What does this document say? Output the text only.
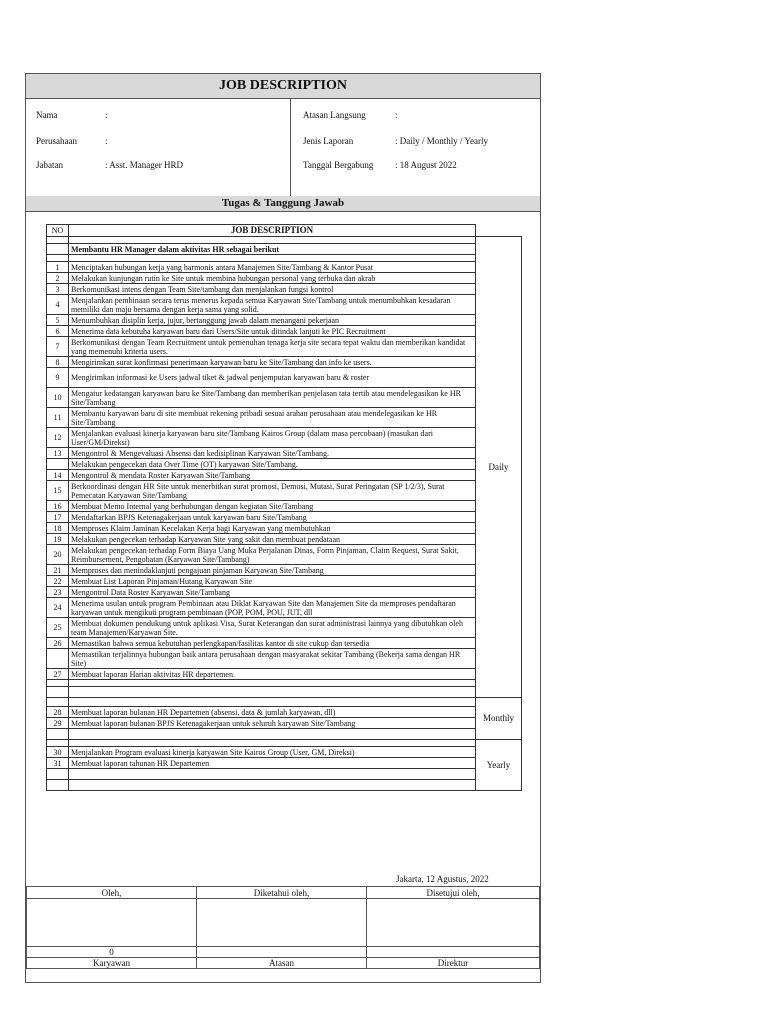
JOB DESCRIPTION
Nama	:
Perusahaan	:
Jabatan	: Asst. Manager HRD
Atasan Langsung	:
Jenis Laporan	: Daily / Monthly / Yearly
Tanggal Bergabung : 18 August 2022
Tugas & Tanggung Jawab
NO	JOB DESCRIPTION	
		Daily
	Membantu HR Manager dalam aktivitas HR sebagai berikut	

1	Menciptakan hubungan kerja yang harmonis antara Manajemen Site/Tambang & Kantor Pusat	
2	Melakukan kunjungan rutin ke Site untuk membina hubungan personal yang terbuka dan akrab	
3	Berkomunikasi intens dengan Team Site/tambang dan menjalankan fungsi kontrol	
4	Menjalankan pembinaan secara terus menerus kepada semua Karyawan Site/Tambang untuk menumbuhkan kesadaran memiliki dan maju bersama dengan kerja sama yang solid.	
5	Menumbuhkan disiplin kerja, jujur, bertanggung jawab dalam menangani pekerjaan	
6	Menerima data kebutuha karyawan baru dari Users/Site untuk ditindak lanjuti ke PIC Recruitment	
7	Berkomunikasi dengan Team Recruitment untuk pemenuhan tenaga kerja site secara tepat waktu dan memberikan kandidat yang memenuhi kriteria users.	
8	Mengirimkan surat konfirmasi penerimaan karyawan baru ke Site/Tambang dan info ke users.	
9	Mengirimkan informasi ke Users jadwal tiket & jadwal penjemputan karyawan baru & roster	
10	Mengatur kedatangan karyawan baru ke Site/Tambang dan memberikan penjelasan tata tertib atau mendelegasikan ke HR Site/Tambang	
11	Membantu karyawan baru di site membuat rekening pribadi sesuai arahan perusahaan atau mendelegasikan ke HR Site/Tambang	
12	Menjalankan evaluasi kinerja karyawan baru site/Tambang Kairos Group (dalam masa percobaan) (masukan dari User/GM/Direksi)	
13	Mengontrol & Mengevaluasi Absensi dan kedisiplinan Karyawan Site/Tambang.	
	Melakukan pengecekan data Over Time (OT) karyawan Site/Tambang.	
14	Mengontrol & mendata Roster Karyawan Site/Tambang	
15	Berkoordinasi dengan HR Site untuk menerbitkan surat promosi, Demosi, Mutasi, Surat Peringatan (SP 1/2/3), Surat Pemecatan Karyawan Site/Tambang	
16	Membuat Memo Internal yang berhubungan dengan kegiatan Site/Tambang	
17	Mendaftarkan BPJS Ketenagakerjaan untuk karyawan baru Site/Tambang	
18	Memproses Klaim Jaminan Kecelakan Kerja bagi Karyawan yang membutuhkan	
19	Melakukan pengecekan terhadap Karyawan Site yang sakit dan membuat pendataan	
20	Melakukan pengecekan terhadap Form Biaya Uang Muka Perjalanan Dinas, Form Pinjaman, Claim Request, Surat Sakit, Reimbursement, Pengobatan (Karyawan Site/Tambang)	
21	Memproses dan menindaklanjuti pengajuan pinjaman Karyawan Site/Tambang	
22	Membuat List Laporan Pinjaman/Hutang Karyawan Site	
23	Mengontrol Data Roster Karyawan Site/Tambang	
24	Menerima usulan untuk program Pembinaan atau Diklat Karyawan Site dan Manajemen Site da memproses pendaftaran karyawan untuk mengikuti program pembinaan (POP, POM, POU, JUT, dll	
25	Membuat dokumen pendukung untuk aplikasi Visa, Surat Keterangan dan surat administrasi lainnya yang dibutuhkan oleh team Manajemen/Karyawan Site.	
26	Memastikan bahwa semua kebutuhan perlengkapan/fasilitas kantor di site cukup dan tersedia	
	Memastikan terjalinnya hubungan baik antara perusahaan dengan masyarakat sekitar Tambang (Bekerja sama dengan HR Site)	
27	Membuat laporan Harian aktivitas HR departemen.	

		Monthly
28	Membuat laporan bulanan HR Departemen (absensi, data & jumlah karyawan, dll)	
29	Membuat laporan bulanan BPJS Ketenagakerjaan untuk seluruh karyawan Site/Tambang	

		Yearly
30	Menjalankan Program evaluasi kinerja karyawan Site Kairos Group (User, GM, Direksi)	
31	Membuat laporan tahunan HR Departemen	

Jakarta, 12 Agustus, 2022
Oleh,	Diketahui oleh,	Disetujui oleh,

0		
Karyawan	Atasan	Direktur
